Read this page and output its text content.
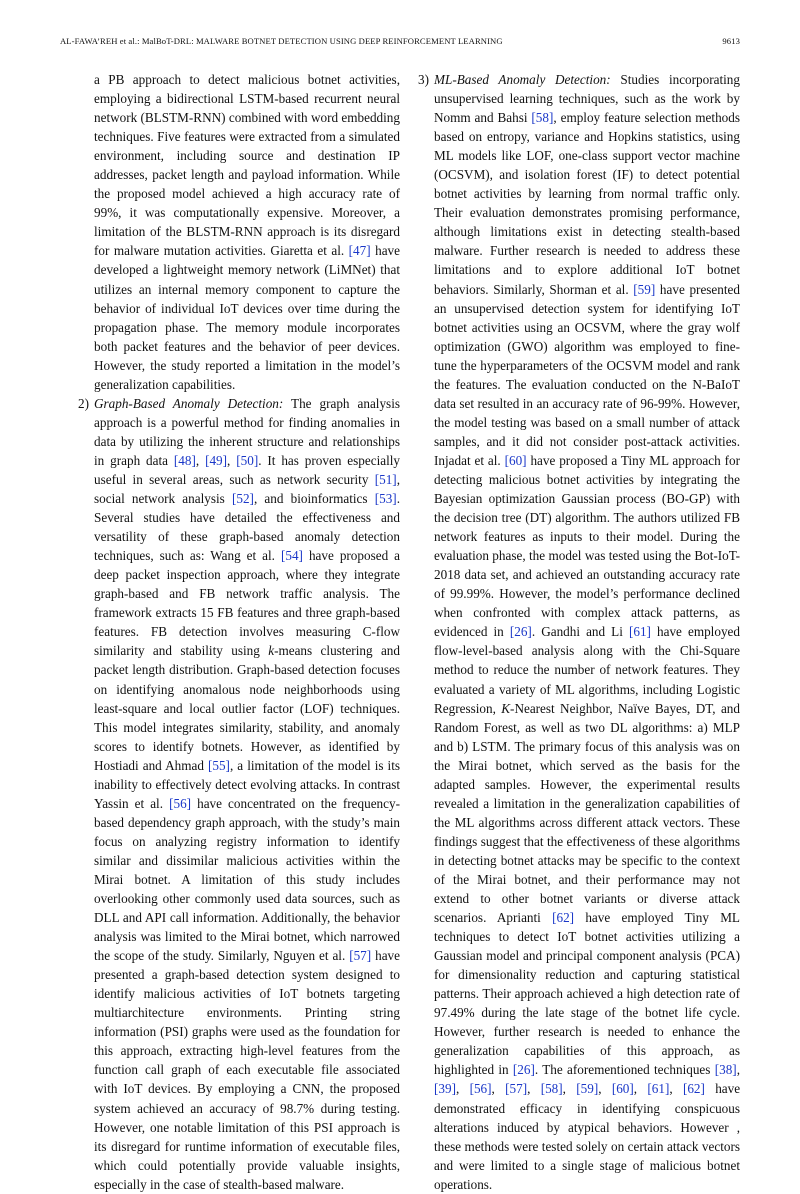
AL-FAWA’REH et al.: MalBoT-DRL: MALWARE BOTNET DETECTION USING DEEP REINFORCEMENT LEARNING	9613

a PB approach to detect malicious botnet activities, employing a bidirectional LSTM-based recurrent neural network (BLSTM-RNN) combined with word embedding techniques. Five features were extracted from a simulated environment, including source and destination IP addresses, packet length and payload information. While the proposed model achieved a high accuracy rate of 99%, it was computationally expensive. Moreover, a limitation of the BLSTM-RNN approach is its disregard for malware mutation activities. Giaretta et al. [47] have developed a lightweight memory network (LiMNet) that utilizes an internal memory component to capture the behavior of individual IoT devices over time during the propagation phase. The memory module incorporates both packet features and the behavior of peer devices. However, the study reported a limitation in the model’s generalization capabilities.

2) Graph-Based Anomaly Detection: The graph analysis approach is a powerful method for finding anomalies in data by utilizing the inherent structure and relationships in graph data [48], [49], [50]. It has proven especially useful in several areas, such as network security [51], social network analysis [52], and bioinformatics [53]. Several studies have detailed the effectiveness and versatility of these graph-based anomaly detection techniques, such as: Wang et al. [54] have proposed a deep packet inspection approach, where they integrate graph-based and FB network traffic analysis. The framework extracts 15 FB features and three graph-based features. FB detection involves measuring C-flow similarity and stability using k-means clustering and packet length distribution. Graph-based detection focuses on identifying anomalous node neighborhoods using least-square and local outlier factor (LOF) techniques. This model integrates similarity, stability, and anomaly scores to identify botnets. However, as identified by Hostiadi and Ahmad [55], a limitation of the model is its inability to effectively detect evolving attacks. In contrast Yassin et al. [56] have concentrated on the frequency-based dependency graph approach, with the study’s main focus on analyzing registry information to identify similar and dissimilar malicious activities within the Mirai botnet. A limitation of this study includes overlooking other commonly used data sources, such as DLL and API call information. Additionally, the behavior analysis was limited to the Mirai botnet, which narrowed the scope of the study. Similarly, Nguyen et al. [57] have presented a graph-based detection system designed to identify malicious activities of IoT botnets targeting multiarchitecture environments. Printing string information (PSI) graphs were used as the foundation for this approach, extracting high-level features from the function call graph of each executable file associated with IoT devices. By employing a CNN, the proposed system achieved an accuracy of 98.7% during testing. However, one notable limitation of this PSI approach is its disregard for runtime information of executable files, which could potentially provide valuable insights, especially in the case of stealth-based malware.

3) ML-Based Anomaly Detection: Studies incorporating unsupervised learning techniques, such as the work by Nomm and Bahsi [58], employ feature selection methods based on entropy, variance and Hopkins statistics, using ML models like LOF, one-class support vector machine (OCSVM), and isolation forest (IF) to detect potential botnet activities by learning from normal traffic only. Their evaluation demonstrates promising performance, although limitations exist in detecting stealth-based malware. Further research is needed to address these limitations and to explore additional IoT botnet behaviors. Similarly, Shorman et al. [59] have presented an unsupervised detection system for identifying IoT botnet activities using an OCSVM, where the gray wolf optimization (GWO) algorithm was employed to fine-tune the hyperparameters of the OCSVM model and rank the features. The evaluation conducted on the N-BaIoT data set resulted in an accuracy rate of 96-99%. However, the model testing was based on a small number of attack samples, and it did not consider post-attack activities. Injadat et al. [60] have proposed a Tiny ML approach for detecting malicious botnet activities by integrating the Bayesian optimization Gaussian process (BO-GP) with the decision tree (DT) algorithm. The authors utilized FB network features as inputs to their model. During the evaluation phase, the model was tested using the Bot-IoT-2018 data set, and achieved an outstanding accuracy rate of 99.99%. However, the model’s performance declined when confronted with complex attack patterns, as evidenced in [26]. Gandhi and Li [61] have employed flow-level-based analysis along with the Chi-Square method to reduce the number of network features. They evaluated a variety of ML algorithms, including Logistic Regression, K-Nearest Neighbor, Naïve Bayes, DT, and Random Forest, as well as two DL algorithms: a) MLP and b) LSTM. The primary focus of this analysis was on the Mirai botnet, which served as the basis for the adapted samples. However, the experimental results revealed a limitation in the generalization capabilities of the ML algorithms across different attack vectors. These findings suggest that the effectiveness of these algorithms in detecting botnet attacks may be specific to the context of the Mirai botnet, and their performance may not extend to other botnet variants or diverse attack scenarios. Aprianti [62] have employed Tiny ML techniques to detect IoT botnet activities utilizing a Gaussian model and principal component analysis (PCA) for dimensionality reduction and capturing statistical patterns. Their approach achieved a high detection rate of 97.49% during the late stage of the botnet life cycle. However, further research is needed to enhance the generalization capabilities of this approach, as highlighted in [26]. The aforementioned techniques [38], [39], [56], [57], [58], [59], [60], [61], [62] have demonstrated efficacy in identifying conspicuous alterations induced by atypical behaviors. However , these methods were tested solely on certain attack vectors and were limited to a single stage of malicious botnet operations.
